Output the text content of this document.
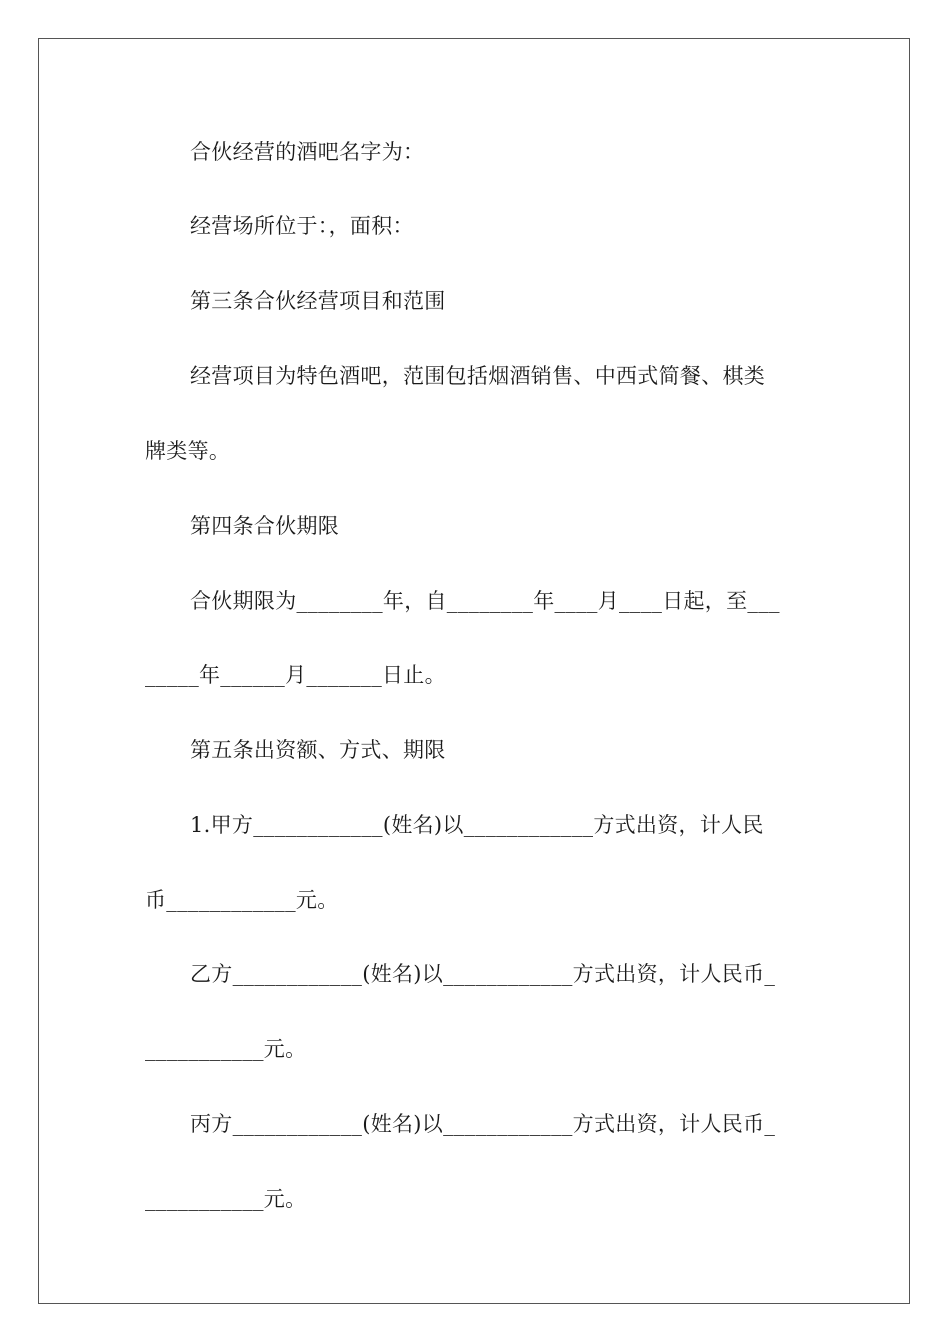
合伙经营的酒吧名字为：
经营场所位于：，面积：
第三条合伙经营项目和范围
经营项目为特色酒吧，范围包括烟酒销售、中西式简餐、棋类
牌类等。
第四条合伙期限
合伙期限为________年，自________年____月____日起，至___
_____年______月_______日止。
第五条出资额、方式、期限
1.甲方____________(姓名)以____________方式出资，计人民
币____________元。
乙方____________(姓名)以____________方式出资，计人民币_
___________元。
丙方____________(姓名)以____________方式出资，计人民币_
___________元。
